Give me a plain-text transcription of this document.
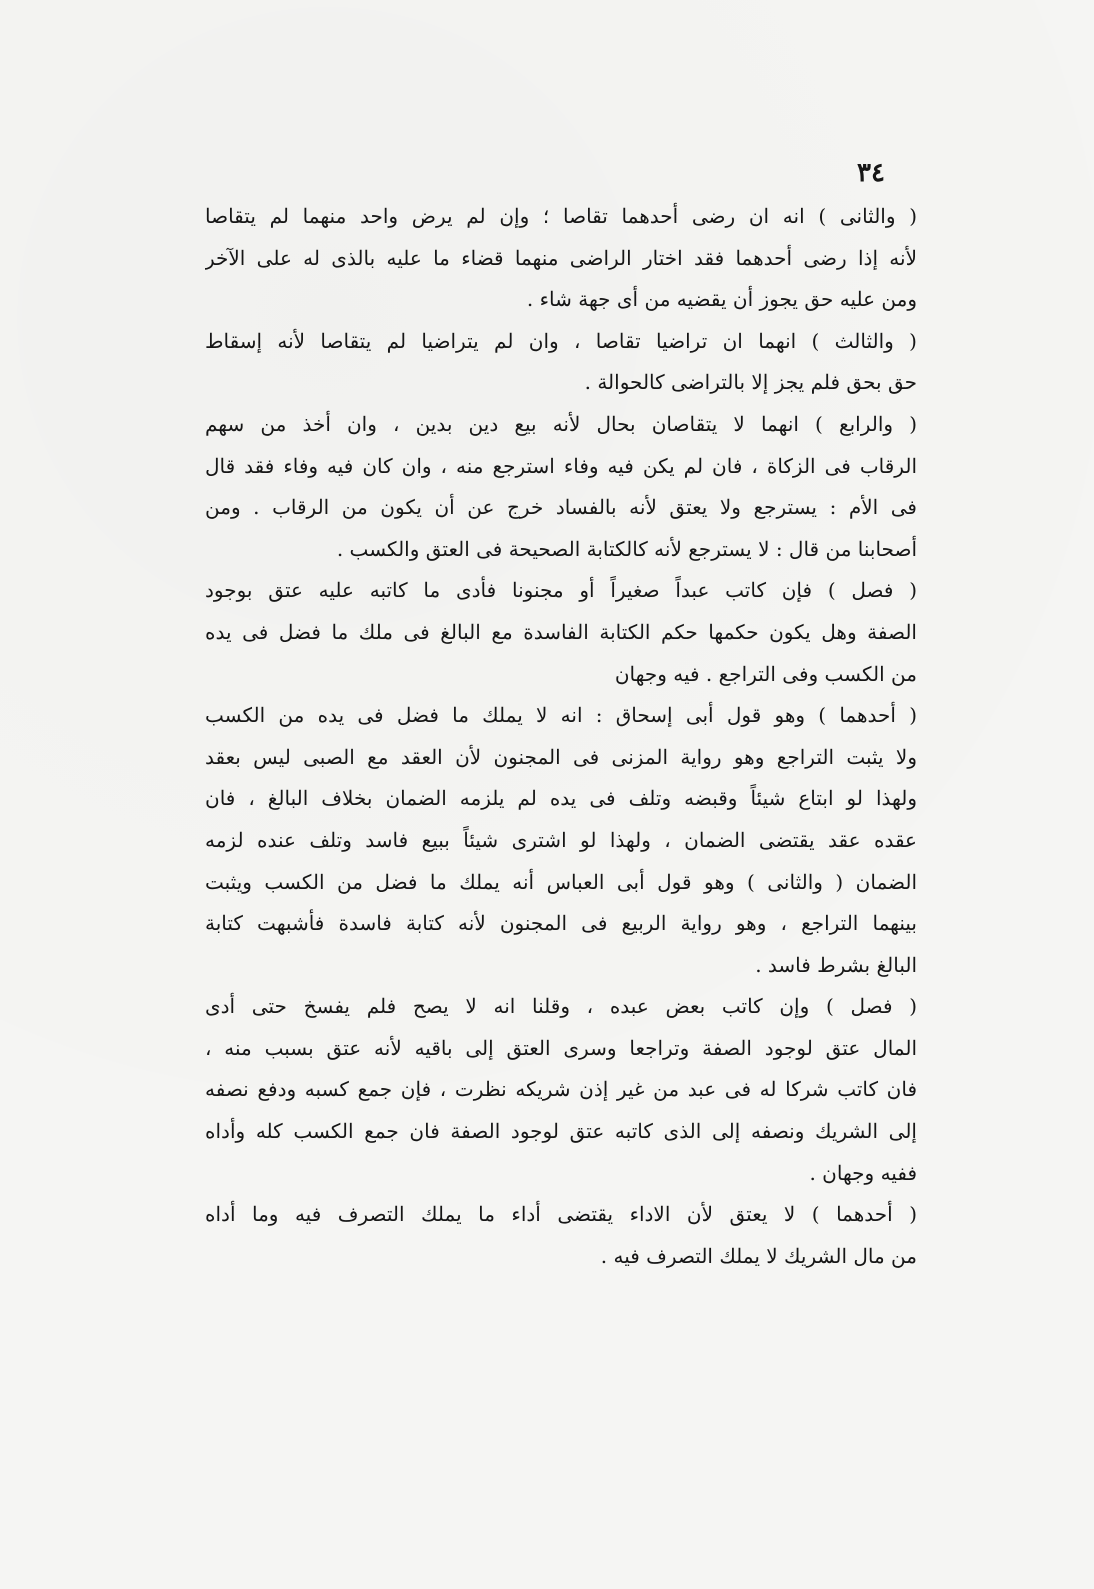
٣٤
( والثانى ) انه ان رضى أحدهما تقاصا ؛ وإن لم يرض واحد منهما لم يتقاصا
لأنه إذا رضى أحدهما فقد اختار الراضى منهما قضاء ما عليه بالذى له على الآخر
ومن عليه حق يجوز أن يقضيه من أى جهة شاء .
( والثالث ) انهما ان تراضيا تقاصا ، وان لم يتراضيا لم يتقاصا لأنه إسقاط
حق بحق فلم يجز إلا بالتراضى كالحوالة .
( والرابع ) انهما لا يتقاصان بحال لأنه بيع دين بدين ، وان أخذ من سهم
الرقاب فى الزكاة ، فان لم يكن فيه وفاء استرجع منه ، وان كان فيه وفاء فقد قال
فى الأم : يسترجع ولا يعتق لأنه بالفساد خرج عن أن يكون من الرقاب . ومن
أصحابنا من قال : لا يسترجع لأنه كالكتابة الصحيحة فى العتق والكسب .
( فصل ) فإن كاتب عبداً صغيراً أو مجنونا فأدى ما كاتبه عليه عتق بوجود
الصفة وهل يكون حكمها حكم الكتابة الفاسدة مع البالغ فى ملك ما فضل فى يده
من الكسب وفى التراجع . فيه وجهان
( أحدهما ) وهو قول أبى إسحاق : انه لا يملك ما فضل فى يده من الكسب
ولا يثبت التراجع وهو رواية المزنى فى المجنون لأن العقد مع الصبى ليس بعقد
ولهذا لو ابتاع شيئاً وقبضه وتلف فى يده لم يلزمه الضمان بخلاف البالغ ، فان
عقده عقد يقتضى الضمان ، ولهذا لو اشترى شيئاً ببيع فاسد وتلف عنده لزمه
الضمان ( والثانى ) وهو قول أبى العباس أنه يملك ما فضل من الكسب ويثبت
بينهما التراجع ، وهو رواية الربيع فى المجنون لأنه كتابة فاسدة فأشبهت كتابة
البالغ بشرط فاسد .
( فصل ) وإن كاتب بعض عبده ، وقلنا انه لا يصح فلم يفسخ حتى أدى
المال عتق لوجود الصفة وتراجعا وسرى العتق إلى باقيه لأنه عتق بسبب منه ،
فان كاتب شركا له فى عبد من غير إذن شريكه نظرت ، فإن جمع كسبه ودفع نصفه
إلى الشريك ونصفه إلى الذى كاتبه عتق لوجود الصفة فان جمع الكسب كله وأداه
ففيه وجهان .
( أحدهما ) لا يعتق لأن الاداء يقتضى أداء ما يملك التصرف فيه وما أداه
من مال الشريك لا يملك التصرف فيه .
